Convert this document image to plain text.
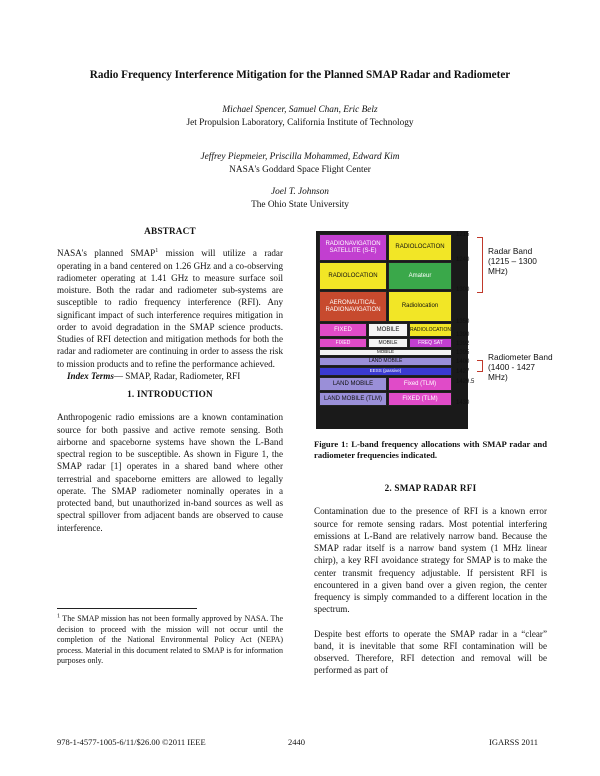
Radio Frequency Interference Mitigation for the Planned SMAP Radar and Radiometer
Michael Spencer, Samuel Chan, Eric Belz
Jet Propulsion Laboratory, California Institute of Technology
Jeffrey Piepmeier, Priscilla Mohammed, Edward Kim
NASA's Goddard Space Flight Center
Joel T. Johnson
The Ohio State University

ABSTRACT

NASA's planned SMAP$^1$ mission will utilize a radar operating in a band centered on 1.26 GHz and a co-observing radiometer operating at 1.41 GHz to measure surface soil moisture. Both the radar and radiometer sub-systems are susceptible to radio frequency interference (RFI). Any significant impact of such interference requires mitigation in order to avoid degradation in the SMAP science products. Studies of RFI detection and mitigation methods for both the radar and radiometer are continuing in order to assess the risk to mission products and to refine the performance achieved.

Index Terms— SMAP, Radar, Radiometer, RFI

1. INTRODUCTION

Anthropogenic radio emissions are a known contamination source for both passive and active remote sensing. Both airborne and spaceborne systems have shown the L-Band spectral region to be susceptible. As shown in Figure 1, the SMAP radar [1] operates in a shared band where other terrestrial and spaceborne emitters are allowed to legally operate. The SMAP radiometer nominally operates in a protected band, but unauthorized in-band sources as well as spectral spillover from adjacent bands are observed to cause interference.

$^1$ The SMAP mission has not been formally approved by NASA. The decision to proceed with the mission will not occur until the completion of the National Environmental Policy Act (NEPA) process. Material in this document related to SMAP is for information purposes only.
RADIONAVIGATION SATELLITE (S-E)
RADIOLOCATION
RADIOLOCATION	Amateur
AERONAUTICAL RADIONAVIGATION
Radiolocation
FIXED	MOBILE RADIOLOCATION
FIXED	MOBILE	FREQ SAT
MOBILE
LAND MOBILE
EESS (passive)
LAND MOBILE	Fixed (TLM)
LAND MOBILE (TLM)	FIXED (TLM)
1215
1240
1300
1350
1390
1392
1395
1400
1427
1429.5
1430
Radar Band (1215 – 1300 MHz)
Radiometer Band (1400 - 1427 MHz)
Figure 1: L-band frequency allocations with SMAP radar and radiometer frequencies indicated.

2. SMAP RADAR RFI

Contamination due to the presence of RFI is a known error source for remote sensing radars. Most potential interfering emissions at L-Band are relatively narrow band. Because the SMAP radar itself is a narrow band system (1 MHz linear chirp), a key RFI avoidance strategy for SMAP is to make the center transmit frequency adjustable. If persistent RFI is encountered in a given band over a given region, the center frequency is simply commanded to a different location in the spectrum.

Despite best efforts to operate the SMAP radar in a “clear” band, it is inevitable that some RFI contamination will be observed. Therefore, RFI detection and removal will be performed as part of

978-1-4577-1005-6/11/$26.00 ©2011 IEEE	2440	IGARSS 2011
